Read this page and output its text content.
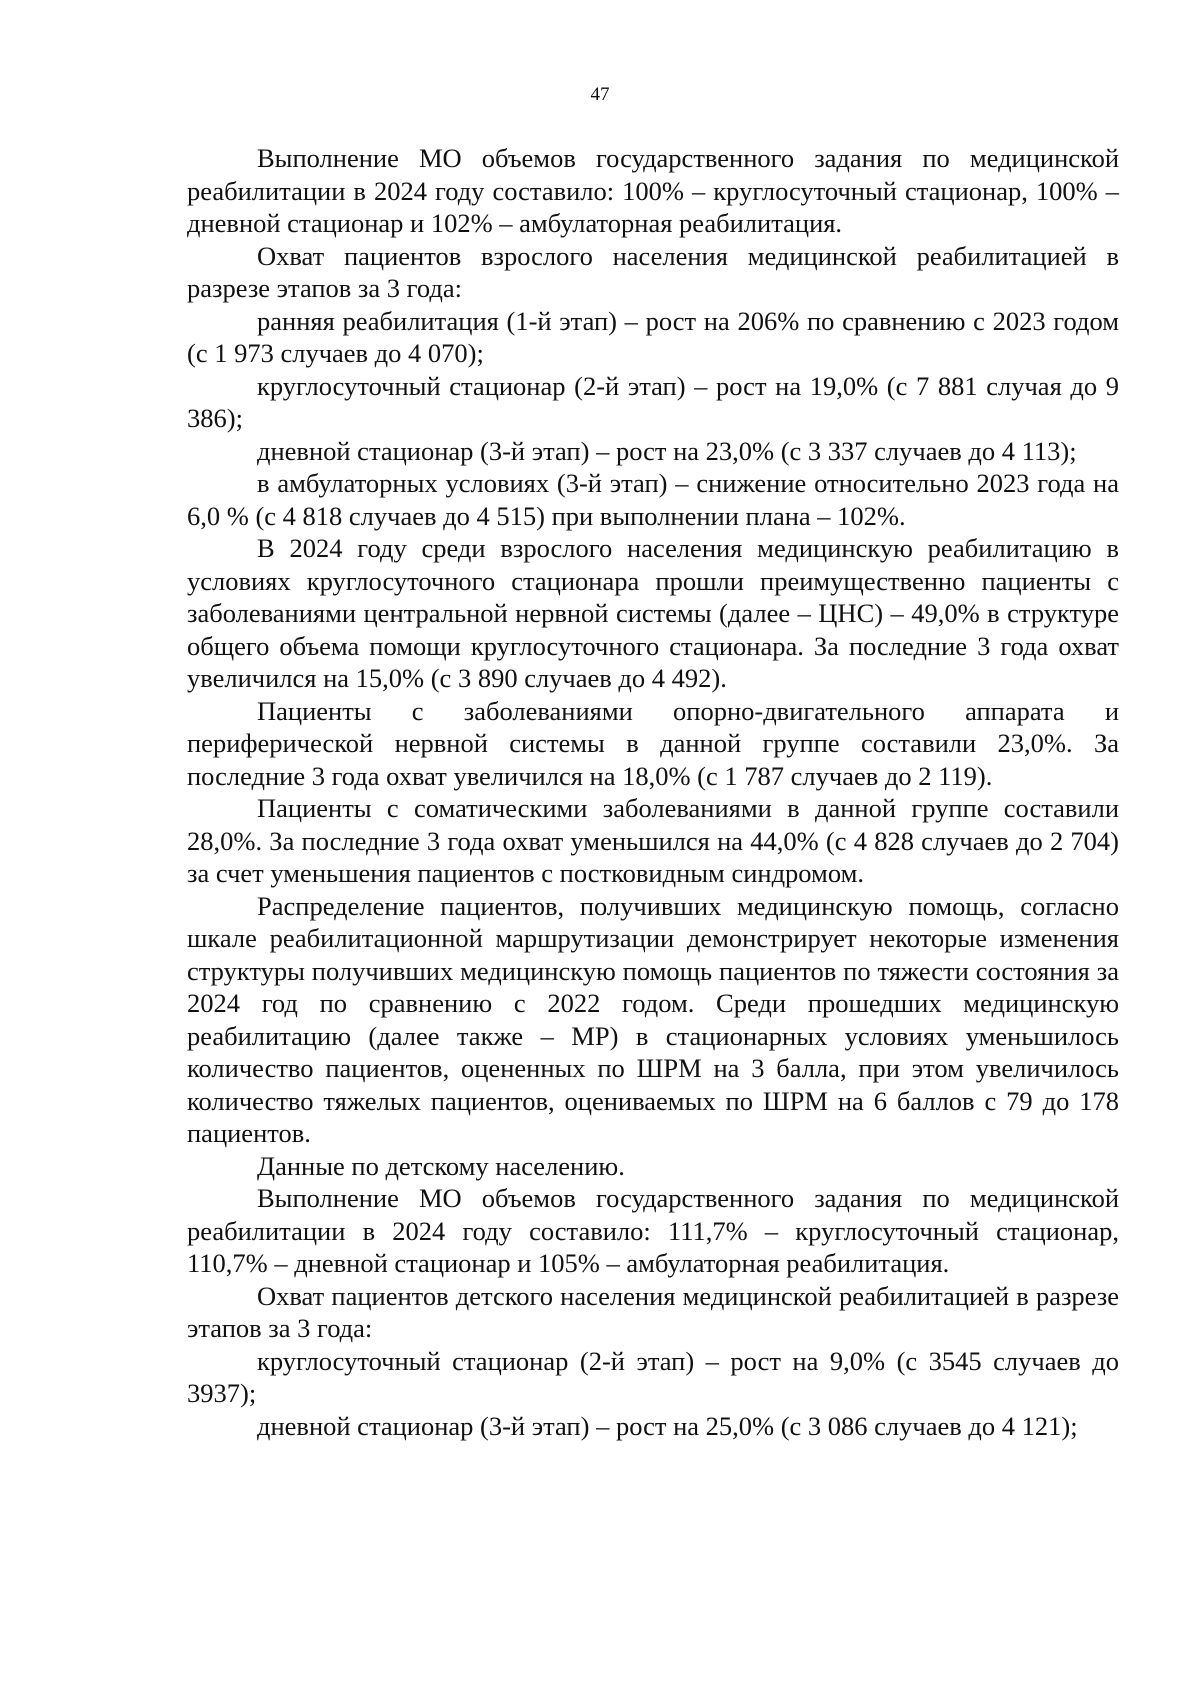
47

Выполнение МО объемов государственного задания по медицинской реабилитации в 2024 году составило: 100% – круглосуточный стационар, 100% – дневной стационар и 102% – амбулаторная реабилитация.

Охват пациентов взрослого населения медицинской реабилитацией в разрезе этапов за 3 года:

ранняя реабилитация (1-й этап) – рост на 206% по сравнению с 2023 годом (с 1 973 случаев до 4 070);

круглосуточный стационар (2-й этап) – рост на 19,0% (с 7 881 случая до 9 386);

дневной стационар (3-й этап) – рост на 23,0% (с 3 337 случаев до 4 113);

в амбулаторных условиях (3-й этап) – снижение относительно 2023 года на 6,0 % (с 4 818 случаев до 4 515) при выполнении плана – 102%.

В 2024 году среди взрослого населения медицинскую реабилитацию в условиях круглосуточного стационара прошли преимущественно пациенты с заболеваниями центральной нервной системы (далее – ЦНС) – 49,0% в структуре общего объема помощи круглосуточного стационара. За последние 3 года охват увеличился на 15,0% (с 3 890 случаев до 4 492).

Пациенты с заболеваниями опорно-двигательного аппарата и периферической нервной системы в данной группе составили 23,0%. За последние 3 года охват увеличился на 18,0% (с 1 787 случаев до 2 119).

Пациенты с соматическими заболеваниями в данной группе составили 28,0%. За последние 3 года охват уменьшился на 44,0% (с 4 828 случаев до 2 704) за счет уменьшения пациентов с постковидным синдромом.

Распределение пациентов, получивших медицинскую помощь, согласно шкале реабилитационной маршрутизации демонстрирует некоторые изменения структуры получивших медицинскую помощь пациентов по тяжести состояния за 2024 год по сравнению с 2022 годом. Среди прошедших медицинскую реабилитацию (далее также – МР) в стационарных условиях уменьшилось количество пациентов, оцененных по ШРМ на 3 балла, при этом увеличилось количество тяжелых пациентов, оцениваемых по ШРМ на 6 баллов с 79 до 178 пациентов.

Данные по детскому населению.

Выполнение МО объемов государственного задания по медицинской реабилитации в 2024 году составило: 111,7% – круглосуточный стационар, 110,7% – дневной стационар и 105% – амбулаторная реабилитация.

Охват пациентов детского населения медицинской реабилитацией в разрезе этапов за 3 года:

круглосуточный стационар (2-й этап) – рост на 9,0% (с 3545 случаев до 3937);

дневной стационар (3-й этап) – рост на 25,0% (с 3 086 случаев до 4 121);
